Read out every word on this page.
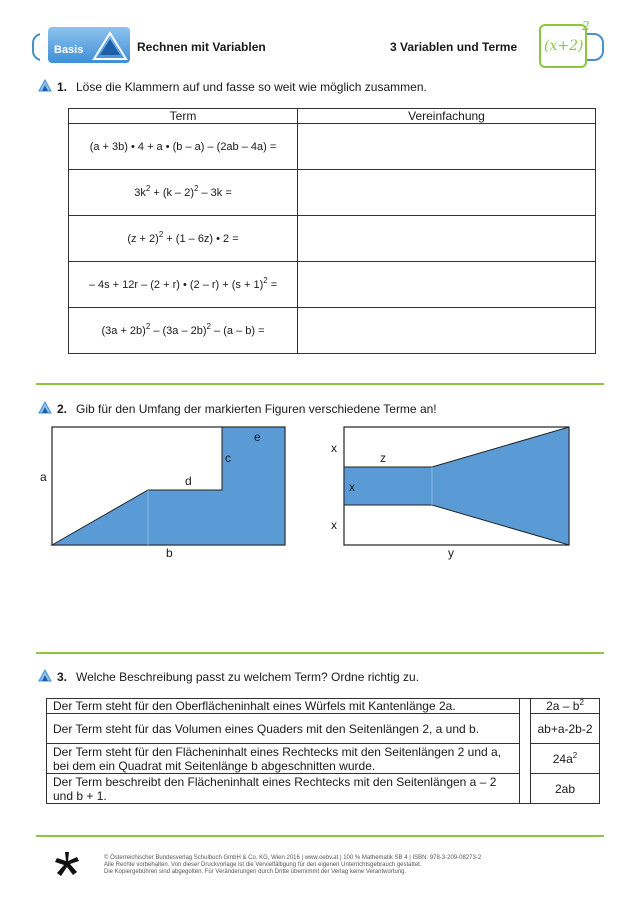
Basis	Rechnen mit Variablen	3 Variablen und Terme (x+2)
2
1. Löse die Klammern auf und fasse so weit wie möglich zusammen.
Term	Vereinfachung
(a + 3b) • 4 + a • (b – a) – (2ab – 4a) =	
$3k^2 + (k - 2)^2 - 3k$ =	
$(z + 2)^2 + (1 - 6z)$ • 2 =	
– 4s + 12r – (2 + r) • $(2 - r) + (s + 1)^2$ =	
$(3a + 2b)^2 - (3a - 2b)^2 - (a - b)$ =	
2. Gib für den Umfang der markierten Figuren verschiedene Terme an!
a
b
c
d
e
x
x
x
z
y
3. Welche Beschreibung passt zu welchem Term? Ordne richtig zu.
Der Term steht für den Oberflächeninhalt eines Würfels mit Kantenlänge 2a.		$2a - b^2$
Der Term steht für das Volumen eines Quaders mit den Seitenlängen 2, a und b.		ab+a-2b-2
Der Term steht für den Flächeninhalt eines Rechtecks mit den Seitenlängen 2 und a, bei dem ein Quadrat mit Seitenlänge b abgeschnitten wurde.		$24a^2$
Der Term beschreibt den Flächeninhalt eines Rechtecks mit den Seitenlängen a – 2 und b + 1.		2ab
© Österreichischer Bundesverlag Schulbuch GmbH & Co. KG, Wien 2016 | www.oebv.at | 100 % Mathematik SB 4 | ISBN: 978-3-209-08273-2
Alle Rechte vorbehalten. Von dieser Druckvorlage ist die Vervielfältigung für den eigenen Unterrichtsgebrauch gestattet.
Die Kopiergebühren sind abgegolten. Für Veränderungen durch Dritte übernimmt der Verlag keine Verantwortung.
